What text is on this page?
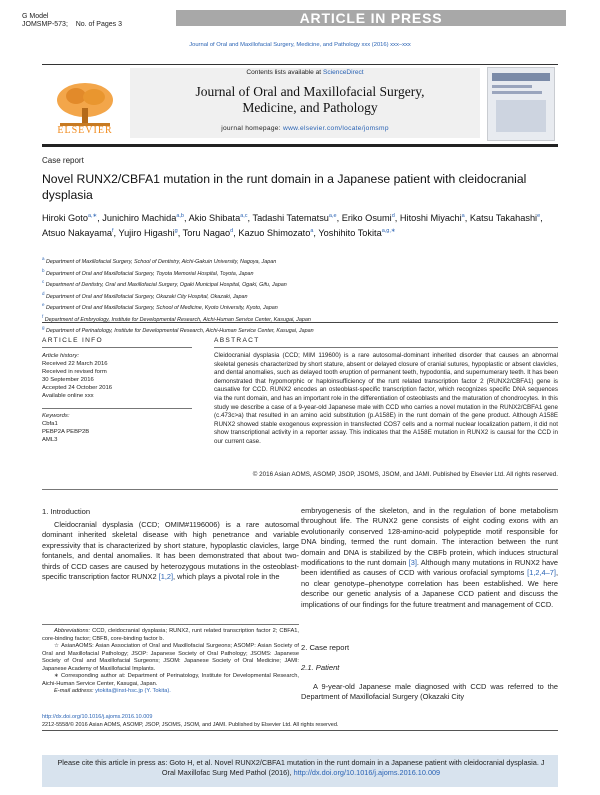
G Model
JOMSMP-573; No. of Pages 3	ARTICLE IN PRESS
Journal of Oral and Maxillofacial Surgery, Medicine, and Pathology xxx (2016) xxx–xxx
ELSEVIER
Contents lists available at ScienceDirect
Journal of Oral and Maxillofacial Surgery, Medicine, and Pathology
journal homepage: www.elsevier.com/locate/jomsmp
Case report
Novel RUNX2/CBFA1 mutation in the runt domain in a Japanese patient with cleidocranial dysplasia
Hiroki Goto$^{a,∗}$, Junichiro Machida$^{a,b}$, Akio Shibata$^{a,c}$, Tadashi Tatematsu$^{a,e}$, Eriko Osumi$^d$, Hitoshi Miyachi$^a$, Katsu Takahashi$^e$, Atsuo Nakayama$^f$, Yujiro Higashi$^g$, Toru Nagao$^d$, Kazuo Shimozato$^a$, Yoshihito Tokita$^{a,g,∗}$
$^a$ Department of Maxillofacial Surgery, School of Dentistry, Aichi-Gakuin University, Nagoya, Japan
$^b$ Department of Oral and Maxillofacial Surgery, Toyota Memorial Hospital, Toyota, Japan
$^c$ Department of Dentistry, Oral and Maxillofacial Surgery, Ogaki Municipal Hospital, Ogaki, Gifu, Japan
$^d$ Department of Oral and Maxillofacial Surgery, Okazaki City Hospital, Okazaki, Japan
$^e$ Department of Oral and Maxillofacial Surgery, School of Medicine, Kyoto University, Kyoto, Japan
$^f$ Department of Embryology, Institute for Developmental Research, Aichi-Human Service Center, Kasugai, Japan
$^g$ Department of Perinatology, Institute for Developmental Research, Aichi-Human Service Center, Kasugai, Japan
ARTICLE INFO
Article history:
Received 22 March 2016
Received in revised form
30 September 2016
Accepted 24 October 2016
Available online xxx
Keywords:
Cbfa1
PEBP2A PEBP2B
AML3
ABSTRACT
Cleidocranial dysplasia (CCD; MIM 119600) is a rare autosomal-dominant inherited disorder that causes an abnormal skeletal genesis characterized by short stature, absent or delayed closure of cranial sutures, hypoplastic or absent clavicles, and dental anomalies, such as delayed tooth eruption of permanent teeth, hypodontia, and supernumerary teeth. It has been demonstrated that hypomorphic or haploinsufficiency of the runt related transcription factor 2 (RUNX2/CBFA1) gene is causative for CCD. RUNX2 encodes an osteoblast-specific transcription factor, which recognizes specific DNA sequences via the runt domain, and has an important role in the differentiation of osteoblasts and the maturation of chondrocytes. In this study we describe a case of a 9-year-old Japanese male with CCD who carries a novel mutation in the RUNX2/CBFA1 gene (c.473c>a) that resulted in an amino acid substitution (p.A158E) in the runt domain of the gene product. Although A158E RUNX2 showed stable exogenous expression in transfected COS7 cells and a normal nuclear localization pattern, it did not show transcriptional activity in a reporter assay. This indicates that the A158E mutation in RUNX2 is causal for the CCD in our current case.
© 2016 Asian AOMS, ASOMP, JSOP, JSOMS, JSOM, and JAMI. Published by Elsevier Ltd. All rights reserved.
1. Introduction
Cleidocranial dysplasia (CCD; OMIM#1196006) is a rare autosomal dominant inherited skeletal disease with high penetrance and variable expressivity that is characterized by short stature, hypoplastic clavicles, large fontanels, and dental anomalies. It has been demonstrated that about two-thirds of CCD cases are caused by heterozygous mutations in the osteoblast-specific transcription factor RUNX2 [1,2], which plays a pivotal role in the
Abbreviations: CCD, cleidocranial dysplasia; RUNX2, runt related transcription factor 2; CBFA1, core-binding factor; CBFB, core-binding factor b.
☆ AsianAOMS: Asian Association of Oral and Maxillofacial Surgeons; ASOMP: Asian Society of Oral and Maxillofacial Pathology; JSOP: Japanese Society of Oral Pathology; JSOMS: Japanese Society of Oral and Maxillofacial Surgeons; JSOM: Japanese Society of Oral Medicine; JAMI: Japanese Academy of Maxillofacial Implants.
∗ Corresponding author at: Department of Perinatology, Institute for Developmental Research, Aichi-Human Service Center, Kasugai, Japan.
E-mail address: ytokita@inst-hsc.jp (Y. Tokita).
embryogenesis of the skeleton, and in the regulation of bone metabolism throughout life. The RUNX2 gene consists of eight coding exons with an evolutionarily conserved 128-amino-acid polypeptide motif responsible for DNA binding, termed the runt domain. The interaction between the runt domain and DNA is stabilized by the CBFb protein, which induces structural modifications to the runt domain [3]. Although many mutations in RUNX2 have been identified as causes of CCD with various orofacial symptoms [1,2,4–7], no clear genotype–phenotype correlation has been established. We here describe our genetic analysis of a Japanese CCD patient and discuss the implications of our findings for the future treatment and management of CCD.
2. Case report
2.1. Patient
A 9-year-old Japanese male diagnosed with CCD was referred to the Department of Maxillofacial Surgery (Okazaki City
http://dx.doi.org/10.1016/j.ajoms.2016.10.009
2212-5558/© 2016 Asian AOMS, ASOMP, JSOP, JSOMS, JSOM, and JAMI. Published by Elsevier Ltd. All rights reserved.
Please cite this article in press as: Goto H, et al. Novel RUNX2/CBFA1 mutation in the runt domain in a Japanese patient with cleidocranial dysplasia. J Oral Maxillofac Surg Med Pathol (2016), http://dx.doi.org/10.1016/j.ajoms.2016.10.009
